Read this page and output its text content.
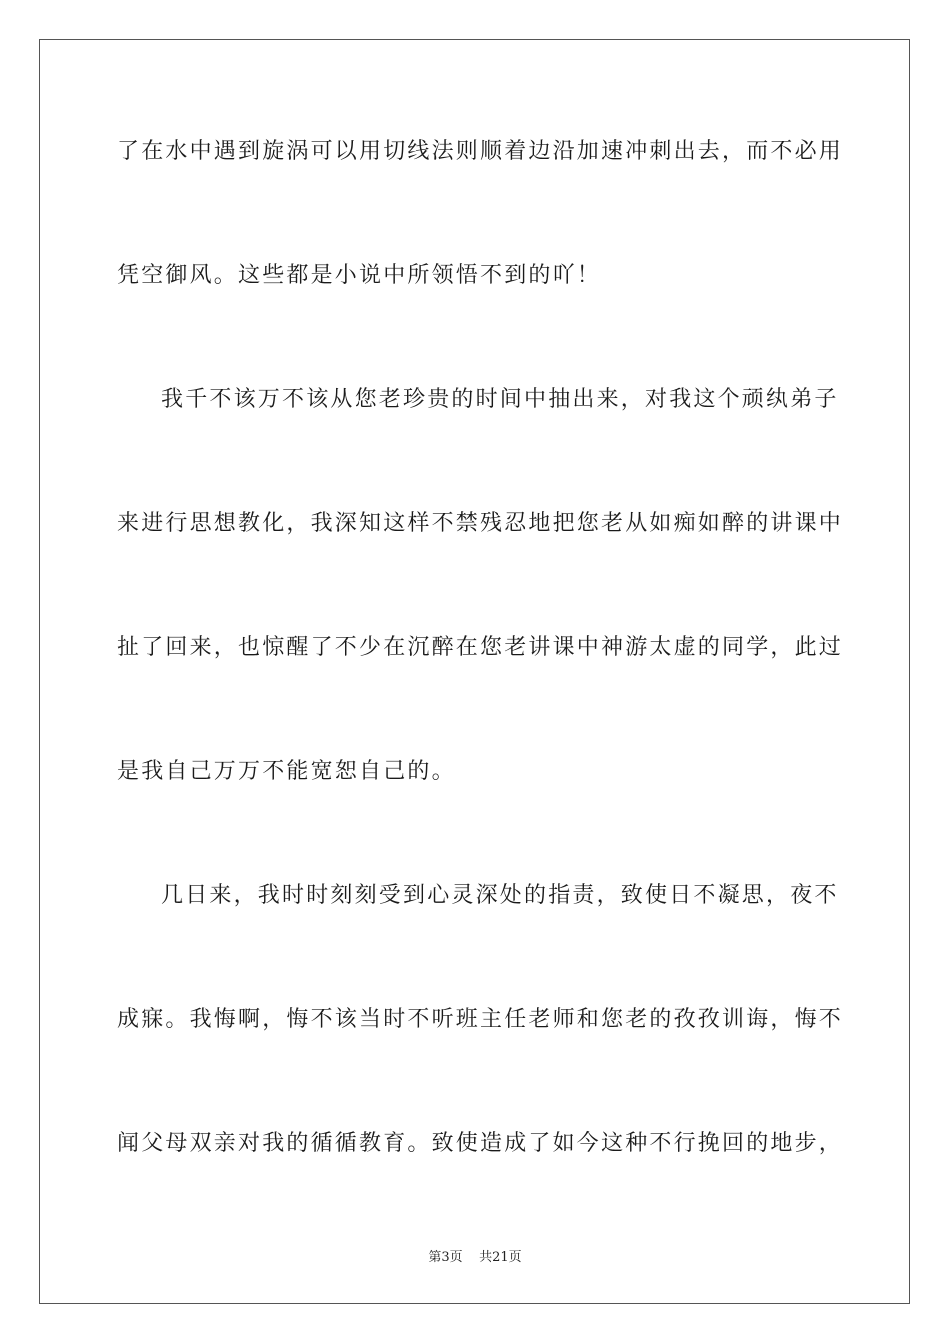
了在水中遇到旋涡可以用切线法则顺着边沿加速冲刺出去，而不必用
凭空御风。这些都是小说中所领悟不到的吖！
我千不该万不该从您老珍贵的时间中抽出来，对我这个顽纨弟子
来进行思想教化，我深知这样不禁残忍地把您老从如痴如醉的讲课中
扯了回来，也惊醒了不少在沉醉在您老讲课中神游太虚的同学，此过
是我自己万万不能宽恕自己的。
几日来，我时时刻刻受到心灵深处的指责，致使日不凝思，夜不
成寐。我悔啊，悔不该当时不听班主任老师和您老的孜孜训诲，悔不
闻父母双亲对我的循循教育。致使造成了如今这种不行挽回的地步，
第3页 共21页
